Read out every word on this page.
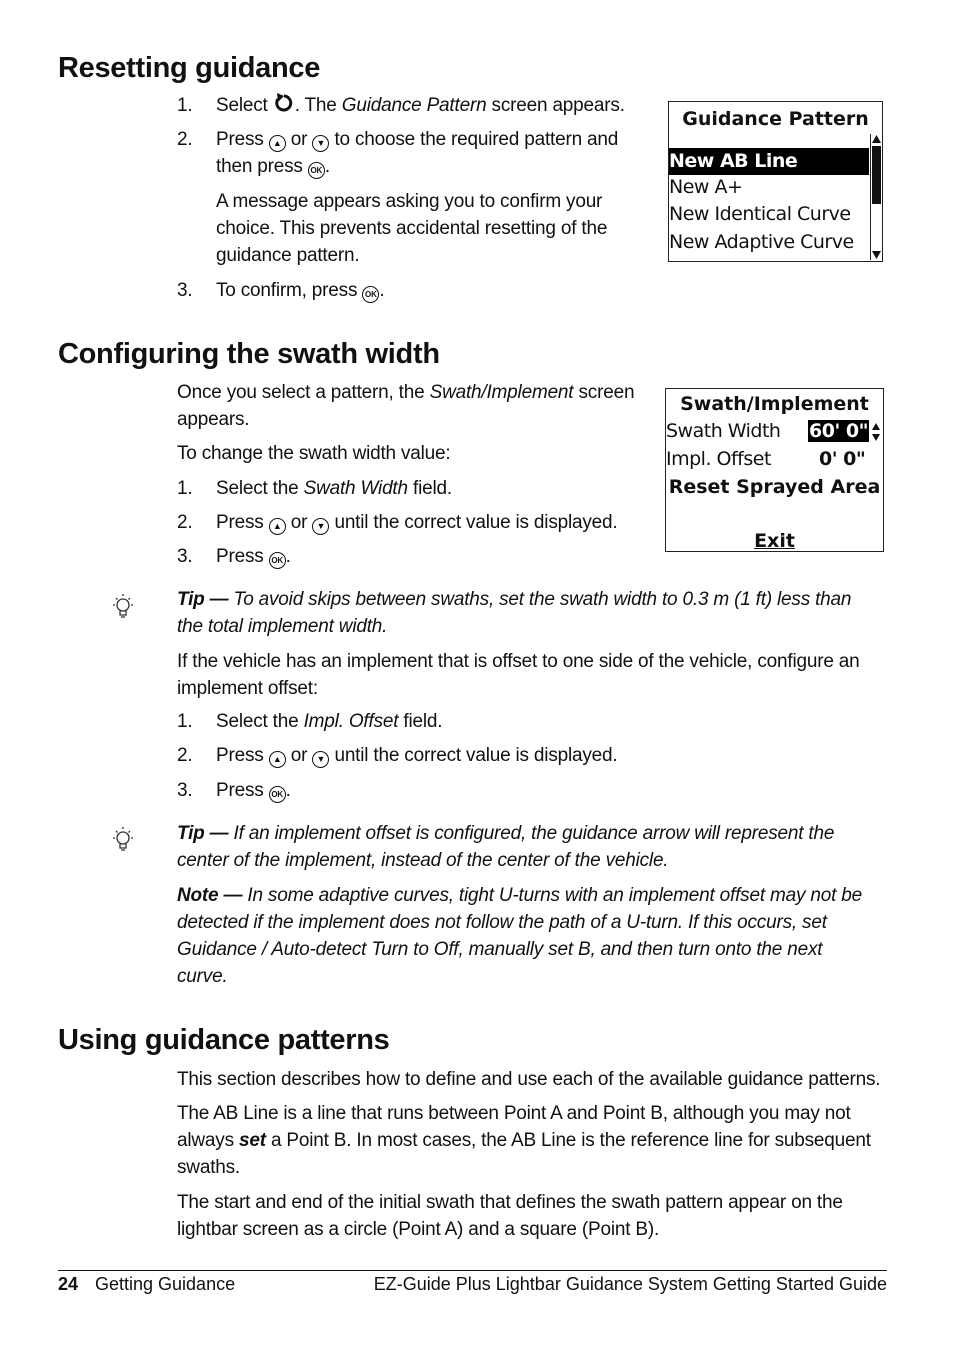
Resetting guidance
1. Select . The Guidance Pattern screen appears.
2. Press ▲ or ▼ to choose the required pattern and then press OK .

A message appears asking you to confirm your choice. This prevents accidental resetting of the guidance pattern.

3. To confirm, press OK .
Guidance Pattern
New AB Line
New A+
New Identical Curve
New Adaptive Curve
Configuring the swath width

Once you select a pattern, the Swath/Implement screen appears.

To change the swath width value:

1. Select the Swath Width field.
2. Press ▲ or ▼ until the correct value is displayed.
3. Press OK .
Swath/Implement
Swath Width 60' 0"
Impl. Offset	0' 0"
Reset Sprayed Area
Exit

Tip — To avoid skips between swaths, set the swath width to 0.3 m (1 ft) less than the total implement width.

If the vehicle has an implement that is offset to one side of the vehicle, configure an implement offset:

1. Select the Impl. Offset field.
2. Press ▲ or ▼ until the correct value is displayed.
3. Press OK .

Tip — If an implement offset is configured, the guidance arrow will represent the center of the implement, instead of the center of the vehicle.

Note — In some adaptive curves, tight U-turns with an implement offset may not be detected if the implement does not follow the path of a U-turn. If this occurs, set Guidance / Auto-detect Turn to Off, manually set B, and then turn onto the next curve.

Using guidance patterns

This section describes how to define and use each of the available guidance patterns.

The AB Line is a line that runs between Point A and Point B, although you may not always set a Point B. In most cases, the AB Line is the reference line for subsequent swaths.

The start and end of the initial swath that defines the swath pattern appear on the lightbar screen as a circle (Point A) and a square (Point B).

24 Getting Guidance	EZ-Guide Plus Lightbar Guidance System Getting Started Guide
